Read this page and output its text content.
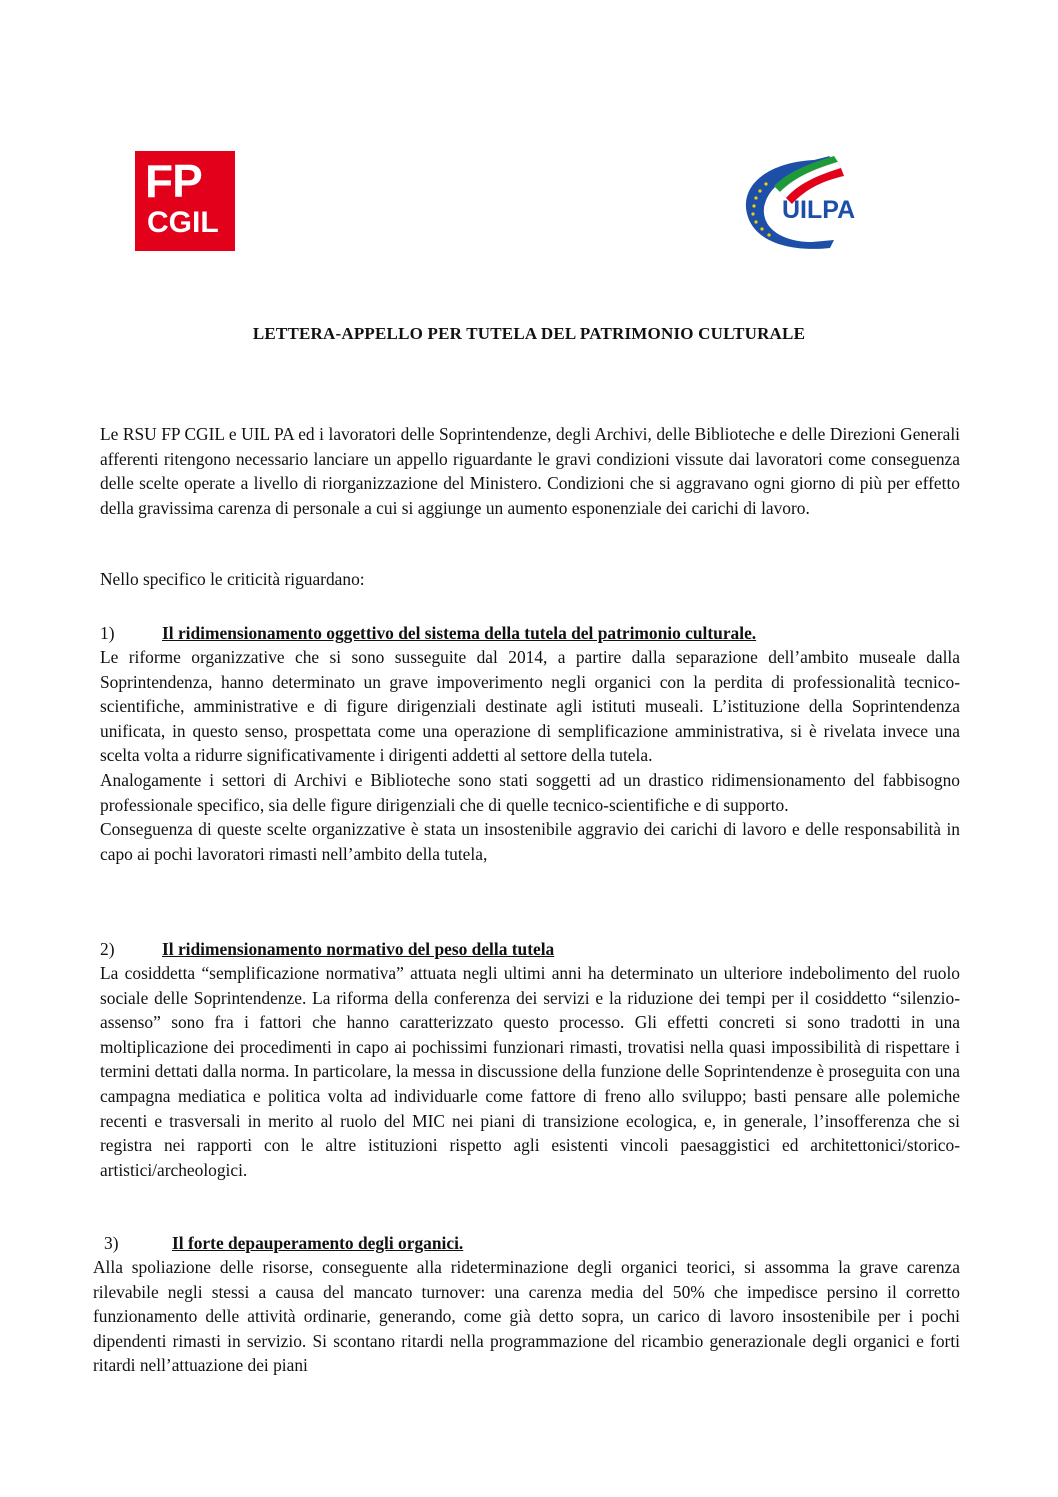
FP
CGIL	UILPA
LETTERA-APPELLO PER TUTELA DEL PATRIMONIO CULTURALE

Le RSU FP CGIL e UIL PA ed i lavoratori delle Soprintendenze, degli Archivi, delle Biblioteche e delle Direzioni Generali afferenti ritengono necessario lanciare un appello riguardante le gravi condizioni vissute dai lavoratori come conseguenza delle scelte operate a livello di riorganizzazione del Ministero. Condizioni che si aggravano ogni giorno di più per effetto della gravissima carenza di personale a cui si aggiunge un aumento esponenziale dei carichi di lavoro.

Nello specifico le criticità riguardano:

1)	Il ridimensionamento oggettivo del sistema della tutela del patrimonio culturale.

Le riforme organizzative che si sono susseguite dal 2014, a partire dalla separazione dell’ambito museale dalla Soprintendenza, hanno determinato un grave impoverimento negli organici con la perdita di professionalità tecnico-scientifiche, amministrative e di figure dirigenziali destinate agli istituti museali. L’istituzione della Soprintendenza unificata, in questo senso, prospettata come una operazione di semplificazione amministrativa, si è rivelata invece una scelta volta a ridurre significativamente i dirigenti addetti al settore della tutela.

Analogamente i settori di Archivi e Biblioteche sono stati soggetti ad un drastico ridimensionamento del fabbisogno professionale specifico, sia delle figure dirigenziali che di quelle tecnico-scientifiche e di supporto.

Conseguenza di queste scelte organizzative è stata un insostenibile aggravio dei carichi di lavoro e delle responsabilità in capo ai pochi lavoratori rimasti nell’ambito della tutela,

2)	Il ridimensionamento normativo del peso della tutela

La cosiddetta “semplificazione normativa” attuata negli ultimi anni ha determinato un ulteriore indebolimento del ruolo sociale delle Soprintendenze. La riforma della conferenza dei servizi e la riduzione dei tempi per il cosiddetto “silenzio-assenso” sono fra i fattori che hanno caratterizzato questo processo. Gli effetti concreti si sono tradotti in una moltiplicazione dei procedimenti in capo ai pochissimi funzionari rimasti, trovatisi nella quasi impossibilità di rispettare i termini dettati dalla norma. In particolare, la messa in discussione della funzione delle Soprintendenze è proseguita con una campagna mediatica e politica volta ad individuarle come fattore di freno allo sviluppo; basti pensare alle polemiche recenti e trasversali in merito al ruolo del MIC nei piani di transizione ecologica, e, in generale, l’insofferenza che si registra nei rapporti con le altre istituzioni rispetto agli esistenti vincoli paesaggistici ed architettonici/storico-artistici/archeologici.

3)	Il forte depauperamento degli organici.

Alla spoliazione delle risorse, conseguente alla rideterminazione degli organici teorici, si assomma la grave carenza rilevabile negli stessi a causa del mancato turnover: una carenza media del 50% che impedisce persino il corretto funzionamento delle attività ordinarie, generando, come già detto sopra, un carico di lavoro insostenibile per i pochi dipendenti rimasti in servizio. Si scontano ritardi nella programmazione del ricambio generazionale degli organici e forti ritardi nell’attuazione dei piani
